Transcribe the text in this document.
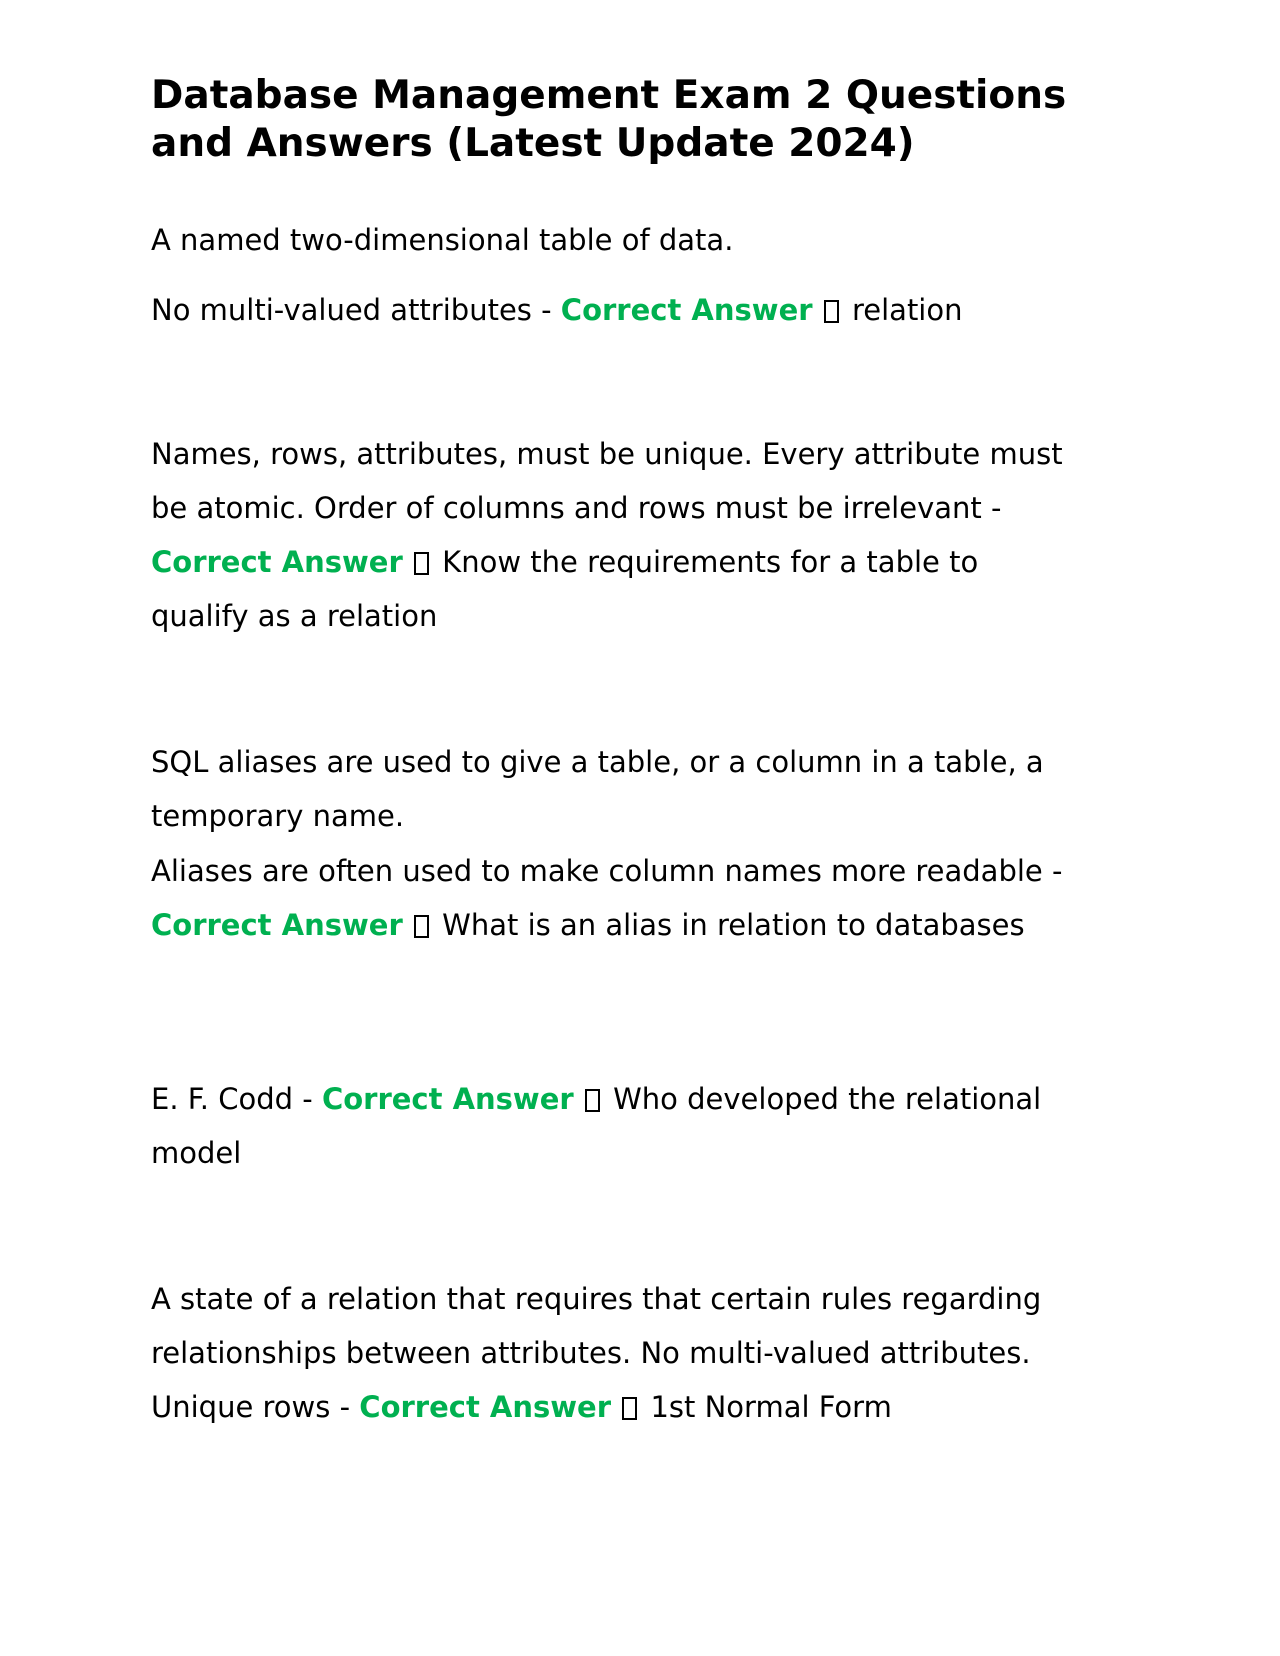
Database Management Exam 2 Questions and Answers (Latest Update 2024)

A named two-dimensional table of data.

No multi-valued attributes - Correct Answer  relation

Names, rows, attributes, must be unique. Every attribute must be atomic. Order of columns and rows must be irrelevant - Correct Answer  Know the requirements for a table to qualify as a relation

SQL aliases are used to give a table, or a column in a table, a temporary name.

Aliases are often used to make column names more readable - Correct Answer  What is an alias in relation to databases

E. F. Codd - Correct Answer  Who developed the relational model

A state of a relation that requires that certain rules regarding relationships between attributes. No multi-valued attributes. Unique rows - Correct Answer  1st Normal Form
